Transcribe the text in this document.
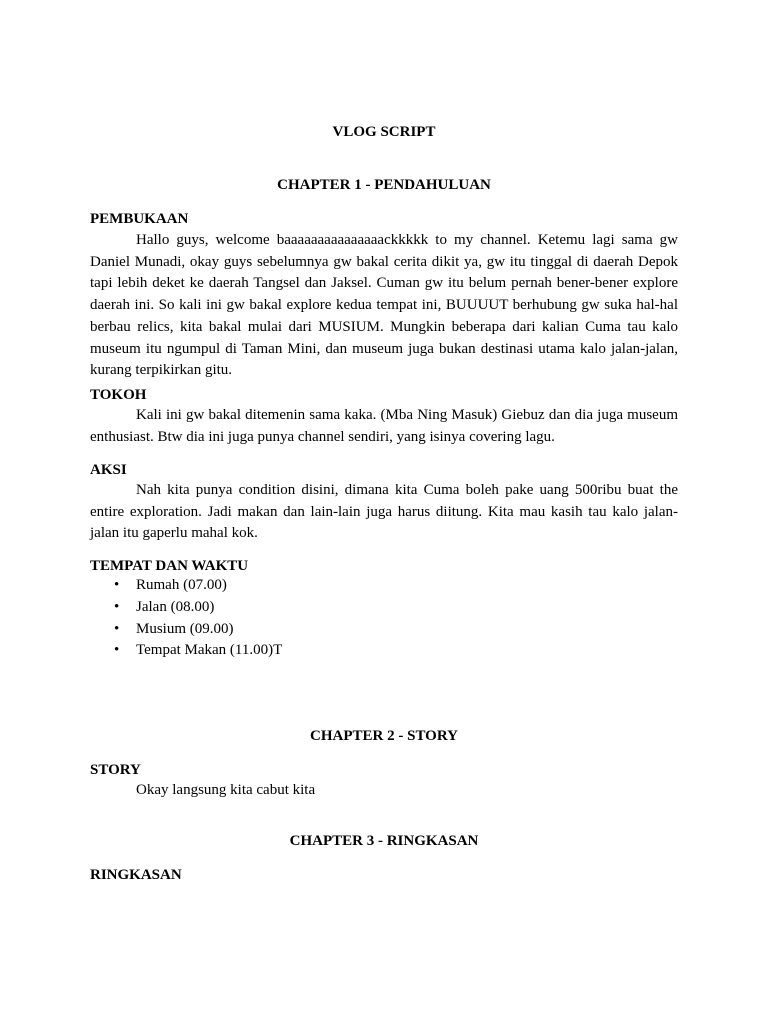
VLOG SCRIPT
CHAPTER 1 - PENDAHULUAN
PEMBUKAAN

Hallo guys, welcome baaaaaaaaaaaaaaackkkkk to my channel. Ketemu lagi sama gw Daniel Munadi, okay guys sebelumnya gw bakal cerita dikit ya, gw itu tinggal di daerah Depok tapi lebih deket ke daerah Tangsel dan Jaksel. Cuman gw itu belum pernah bener-bener explore daerah ini. So kali ini gw bakal explore kedua tempat ini, BUUUUT berhubung gw suka hal-hal berbau relics, kita bakal mulai dari MUSIUM. Mungkin beberapa dari kalian Cuma tau kalo museum itu ngumpul di Taman Mini, dan museum juga bukan destinasi utama kalo jalan-jalan, kurang terpikirkan gitu.

TOKOH

Kali ini gw bakal ditemenin sama kaka. (Mba Ning Masuk) Giebuz dan dia juga museum enthusiast. Btw dia ini juga punya channel sendiri, yang isinya covering lagu.

AKSI

Nah kita punya condition disini, dimana kita Cuma boleh pake uang 500ribu buat the entire exploration. Jadi makan dan lain-lain juga harus diitung. Kita mau kasih tau kalo jalan-jalan itu gaperlu mahal kok.

TEMPAT DAN WAKTU
• Rumah (07.00)
• Jalan (08.00)
• Musium (09.00)
• Tempat Makan (11.00)T
CHAPTER 2 - STORY
STORY

Okay langsung kita cabut kita

CHAPTER 3 - RINGKASAN
RINGKASAN
